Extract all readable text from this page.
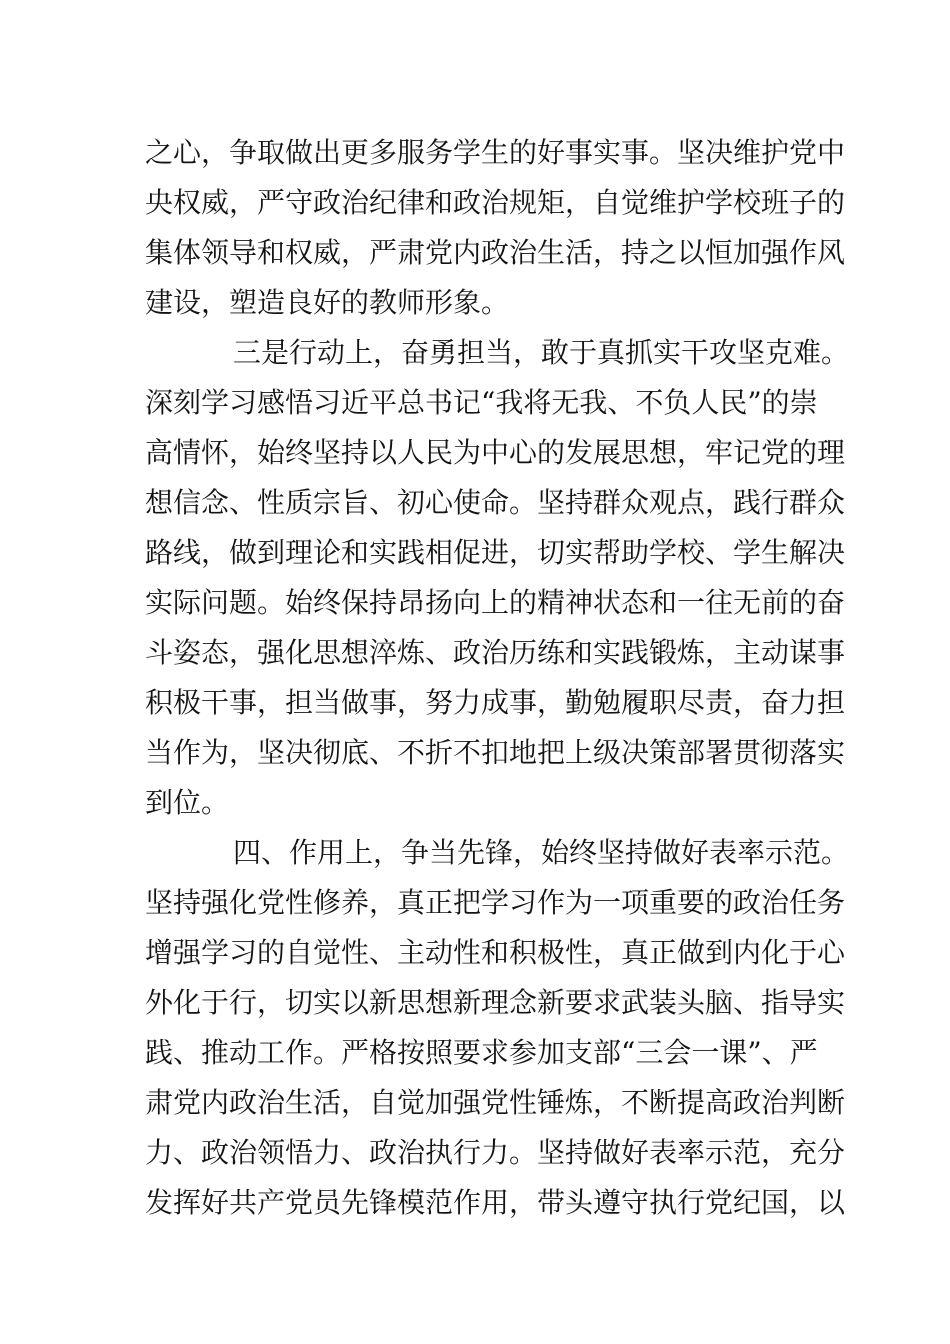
之心，争取做出更多服务学生的好事实事。坚决维护党中
央权威，严守政治纪律和政治规矩，自觉维护学校班子的
集体领导和权威，严肃党内政治生活，持之以恒加强作风
建设，塑造良好的教师形象。
三是行动上，奋勇担当，敢于真抓实干攻坚克难。
深刻学习感悟习近平总书记“我将无我、不负人民”的崇
高情怀，始终坚持以人民为中心的发展思想，牢记党的理
想信念、性质宗旨、初心使命。坚持群众观点，践行群众
路线，做到理论和实践相促进，切实帮助学校、学生解决
实际问题。始终保持昂扬向上的精神状态和一往无前的奋
斗姿态，强化思想淬炼、政治历练和实践锻炼，主动谋事
积极干事，担当做事，努力成事，勤勉履职尽责，奋力担
当作为，坚决彻底、不折不扣地把上级决策部署贯彻落实
到位。
四、作用上，争当先锋，始终坚持做好表率示范。
坚持强化党性修养，真正把学习作为一项重要的政治任务
增强学习的自觉性、主动性和积极性，真正做到内化于心
外化于行，切实以新思想新理念新要求武装头脑、指导实
践、推动工作。严格按照要求参加支部“三会一课”、严
肃党内政治生活，自觉加强党性锤炼，不断提高政治判断
力、政治领悟力、政治执行力。坚持做好表率示范，充分
发挥好共产党员先锋模范作用，带头遵守执行党纪国，以
